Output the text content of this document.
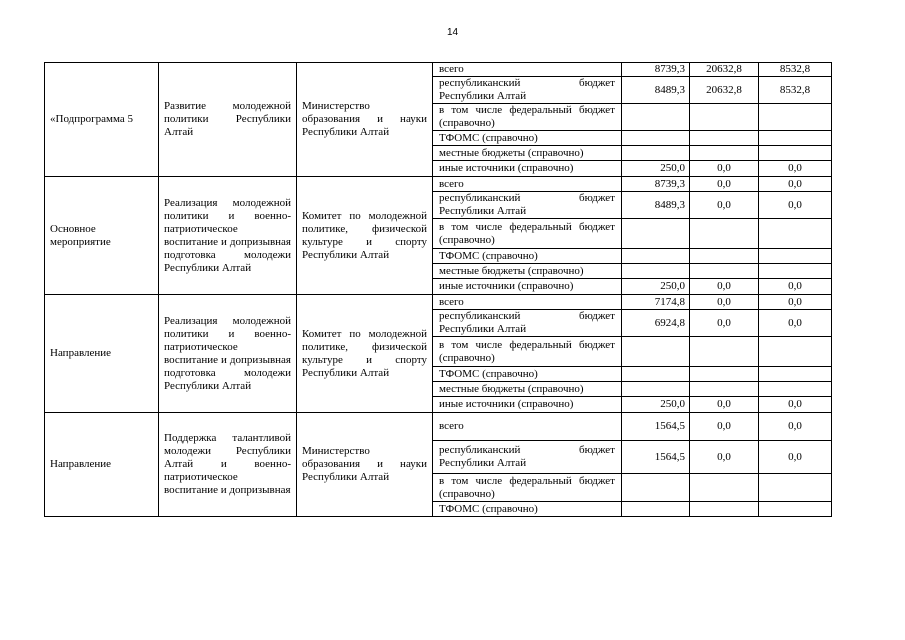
14
«Подпрограмма 5	Развитие молодежной политики Республики Алтай	Министерство образования и науки Республики Алтай	всего	8739,3	20632,8	8532,8
			республиканский бюджет Республики Алтай	8489,3	20632,8	8532,8
			в том числе федеральный бюджет (справочно)			
			ТФОМС (справочно)			
			местные бюджеты (справочно)			
			иные источники (справочно)	250,0	0,0	0,0
Основное мероприятие	Реализация молодежной политики и военно-патриотическое воспитание и допризывная подготовка молодежи Республики Алтай	Комитет по молодежной политике, физической культуре и спорту Республики Алтай	всего	8739,3	0,0	0,0
			республиканский бюджет Республики Алтай	8489,3	0,0	0,0
			в том числе федеральный бюджет (справочно)			
			ТФОМС (справочно)			
			местные бюджеты (справочно)			
			иные источники (справочно)	250,0	0,0	0,0
Направление	Реализация молодежной политики и военно-патриотическое воспитание и допризывная подготовка молодежи Республики Алтай	Комитет по молодежной политике, физической культуре и спорту Республики Алтай	всего	7174,8	0,0	0,0
			республиканский бюджет Республики Алтай	6924,8	0,0	0,0
			в том числе федеральный бюджет (справочно)			
			ТФОМС (справочно)			
			местные бюджеты (справочно)			
			иные источники (справочно)	250,0	0,0	0,0
Направление	Поддержка талантливой молодежи Республики Алтай и военно-патриотическое воспитание и допризывная	Министерство образования и науки Республики Алтай	всего	1564,5	0,0	0,0
			республиканский бюджет Республики Алтай	1564,5	0,0	0,0
			в том числе федеральный бюджет (справочно)			
			ТФОМС (справочно)			
